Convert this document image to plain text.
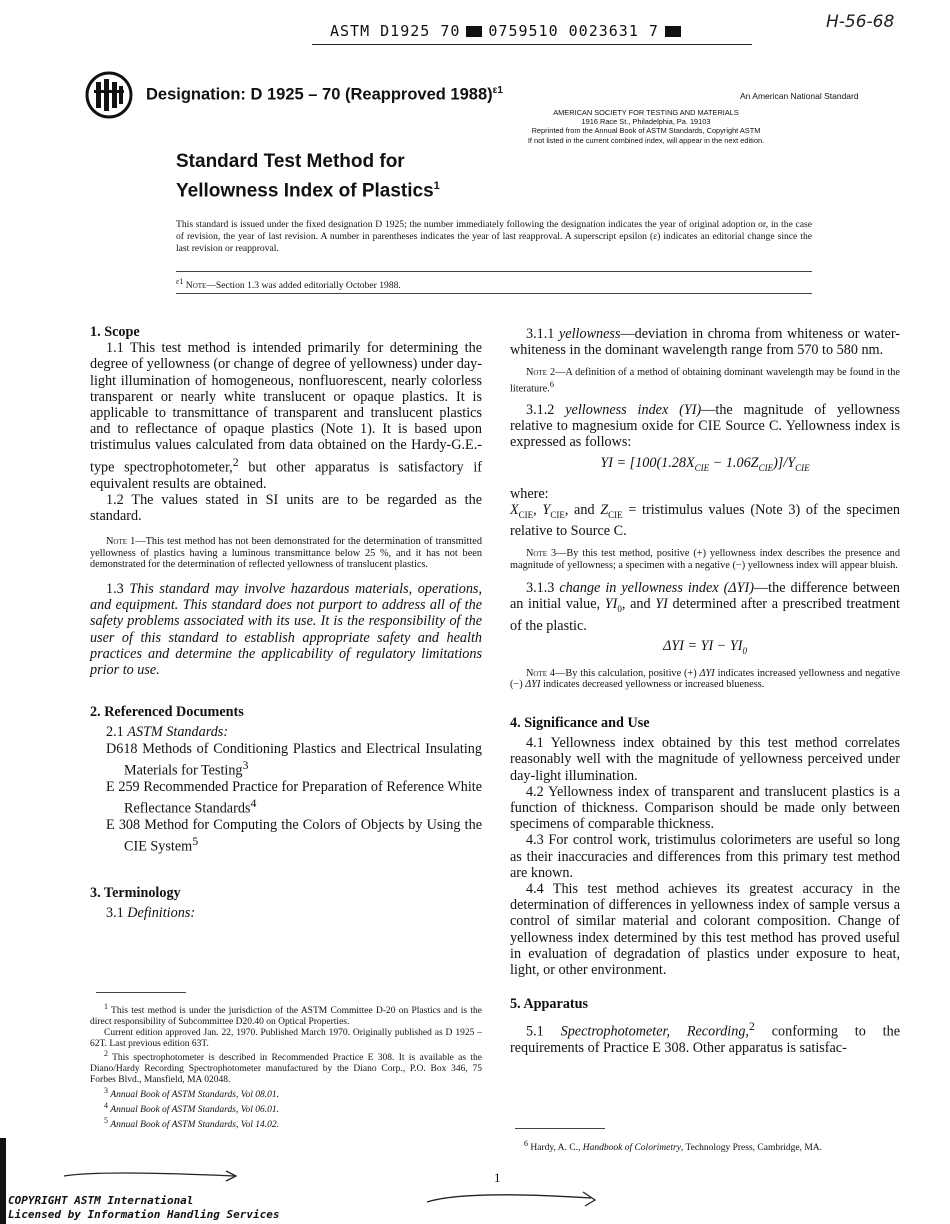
ASTM D1925 70 0759510 0023631 7	H-56-68
Designation: D 1925 – 70 (Reapproved 1988)$^{\varepsilon 1}$	An American National Standard
AMERICAN SOCIETY FOR TESTING AND MATERIALS
1916 Race St., Philadelphia, Pa. 19103
Reprinted from the Annual Book of ASTM Standards, Copyright ASTM
If not listed in the current combined index, will appear in the next edition.
Standard Test Method for
Yellowness Index of Plastics$^1$
This standard is issued under the fixed designation D 1925; the number immediately following the designation indicates the year of original adoption or, in the case of revision, the year of last revision. A number in parentheses indicates the year of last reapproval. A superscript epsilon (ε) indicates an editorial change since the last revision or reapproval.
$^{\varepsilon 1}$ Note—Section 1.3 was added editorially October 1988.

1. Scope

1.1 This test method is intended primarily for determining the degree of yellowness (or change of degree of yellowness) under day-light illumination of homogeneous, nonfluorescent, nearly colorless transparent or nearly white translucent or opaque plastics. It is applicable to transmittance of transparent and translucent plastics and to reflectance of opaque plastics (Note 1). It is based upon tristimulus values calculated from data obtained on the Hardy-G.E.-type spectrophotometer,$^2$ but other apparatus is satisfactory if equivalent results are obtained.

1.2 The values stated in SI units are to be regarded as the standard.

Note 1—This test method has not been demonstrated for the determination of transmitted yellowness of plastics having a luminous transmittance below 25 %, and it has not been demonstrated for the determination of reflected yellowness of translucent plastics.

1.3 This standard may involve hazardous materials, operations, and equipment. This standard does not purport to address all of the safety problems associated with its use. It is the responsibility of the user of this standard to establish appropriate safety and health practices and determine the applicability of regulatory limitations prior to use.

2. Referenced Documents

2.1 ASTM Standards:

D618 Methods of Conditioning Plastics and Electrical Insulating Materials for Testing$^3$

E 259 Recommended Practice for Preparation of Reference White Reflectance Standards$^4$

E 308 Method for Computing the Colors of Objects by Using the CIE System$^5$

3. Terminology

3.1 Definitions:

$^1$ This test method is under the jurisdiction of the ASTM Committee D-20 on Plastics and is the direct responsibility of Subcommittee D20.40 on Optical Properties.

Current edition approved Jan. 22, 1970. Published March 1970. Originally published as D 1925 – 62T. Last previous edition 63T.

$^2$ This spectrophotometer is described in Recommended Practice E 308. It is available as the Diano/Hardy Recording Spectrophotometer manufactured by the Diano Corp., P.O. Box 346, 75 Forbes Blvd., Mansfield, MA 02048.

$^3$ Annual Book of ASTM Standards, Vol 08.01.

$^4$ Annual Book of ASTM Standards, Vol 06.01.

$^5$ Annual Book of ASTM Standards, Vol 14.02.

3.1.1 yellowness—deviation in chroma from whiteness or water-whiteness in the dominant wavelength range from 570 to 580 nm.

Note 2—A definition of a method of obtaining dominant wavelength may be found in the literature.$^6$

3.1.2 yellowness index (YI)—the magnitude of yellowness relative to magnesium oxide for CIE Source C. Yellowness index is expressed as follows:

YI = $[100(1.28X_{CIE} - 1.06Z_{CIE})]/Y_{CIE}$

where:

$X_{CIE}$, $Y_{CIE}$, and $Z_{CIE}$ = tristimulus values (Note 3) of the specimen relative to Source C.

Note 3—By this test method, positive (+) yellowness index describes the presence and magnitude of yellowness; a specimen with a negative (−) yellowness index will appear bluish.

3.1.3 change in yellowness index (ΔYI)—the difference between an initial value, $YI_0$, and YI determined after a prescribed treatment of the plastic.

ΔYI = YI − $YI_0$

Note 4—By this calculation, positive (+) ΔYI indicates increased yellowness and negative (−) ΔYI indicates decreased yellowness or increased blueness.

4. Significance and Use

4.1 Yellowness index obtained by this test method correlates reasonably well with the magnitude of yellowness perceived under day-light illumination.

4.2 Yellowness index of transparent and translucent plastics is a function of thickness. Comparison should be made only between specimens of comparable thickness.

4.3 For control work, tristimulus colorimeters are useful so long as their inaccuracies and differences from this primary test method are known.

4.4 This test method achieves its greatest accuracy in the determination of differences in yellowness index of sample versus a control of similar material and colorant composition. Change of yellowness index determined by this test method has proved useful in evaluation of degradation of plastics under exposure to heat, light, or other environment.

5. Apparatus

5.1 Spectrophotometer, Recording,$^2$ conforming to the requirements of Practice E 308. Other apparatus is satisfac-

$^6$ Hardy, A. C., Handbook of Colorimetry, Technology Press, Cambridge, MA.
1
COPYRIGHT ASTM International
Licensed by Information Handling Services
